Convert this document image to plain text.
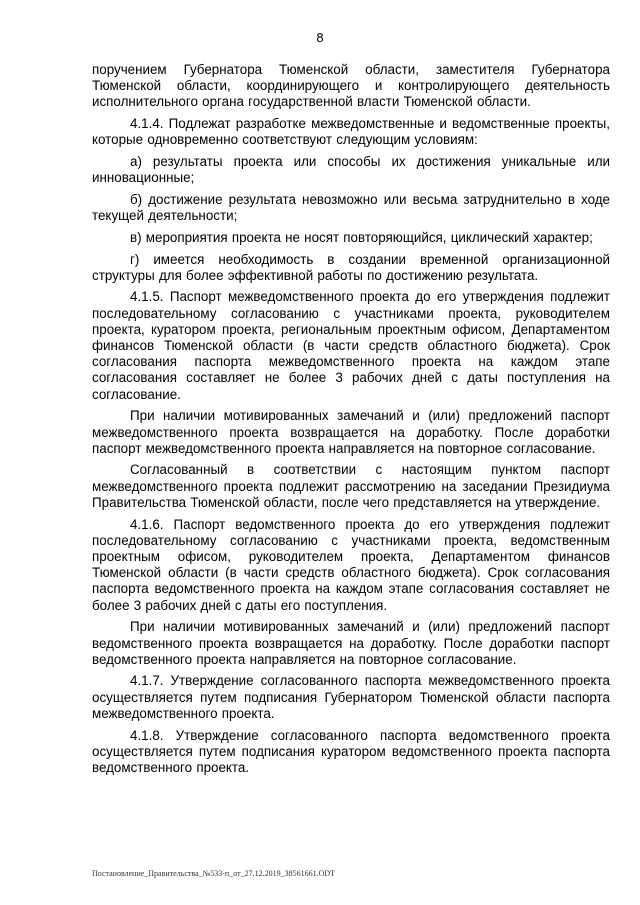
8

поручением Губернатора Тюменской области, заместителя Губернатора Тюменской области, координирующего и контролирующего деятельность исполнительного органа государственной власти Тюменской области.

4.1.4. Подлежат разработке межведомственные и ведомственные проекты, которые одновременно соответствуют следующим условиям:

а) результаты проекта или способы их достижения уникальные или инновационные;

б) достижение результата невозможно или весьма затруднительно в ходе текущей деятельности;

в) мероприятия проекта не носят повторяющийся, циклический характер;

г) имеется необходимость в создании временной организационной структуры для более эффективной работы по достижению результата.

4.1.5. Паспорт межведомственного проекта до его утверждения подлежит последовательному согласованию с участниками проекта, руководителем проекта, куратором проекта, региональным проектным офисом, Департаментом финансов Тюменской области (в части средств областного бюджета). Срок согласования паспорта межведомственного проекта на каждом этапе согласования составляет не более 3 рабочих дней с даты поступления на согласование.

При наличии мотивированных замечаний и (или) предложений паспорт межведомственного проекта возвращается на доработку. После доработки паспорт межведомственного проекта направляется на повторное согласование.

Согласованный в соответствии с настоящим пунктом паспорт межведомственного проекта подлежит рассмотрению на заседании Президиума Правительства Тюменской области, после чего представляется на утверждение.

4.1.6. Паспорт ведомственного проекта до его утверждения подлежит последовательному согласованию с участниками проекта, ведомственным проектным офисом, руководителем проекта, Департаментом финансов Тюменской области (в части средств областного бюджета). Срок согласования паспорта ведомственного проекта на каждом этапе согласования составляет не более 3 рабочих дней с даты его поступления.

При наличии мотивированных замечаний и (или) предложений паспорт ведомственного проекта возвращается на доработку. После доработки паспорт ведомственного проекта направляется на повторное согласование.

4.1.7. Утверждение согласованного паспорта межведомственного проекта осуществляется путем подписания Губернатором Тюменской области паспорта межведомственного проекта.

4.1.8. Утверждение согласованного паспорта ведомственного проекта осуществляется путем подписания куратором ведомственного проекта паспорта ведомственного проекта.

Постановление_Правительства_№533-п_от_27.12.2019_38561661.ODT
